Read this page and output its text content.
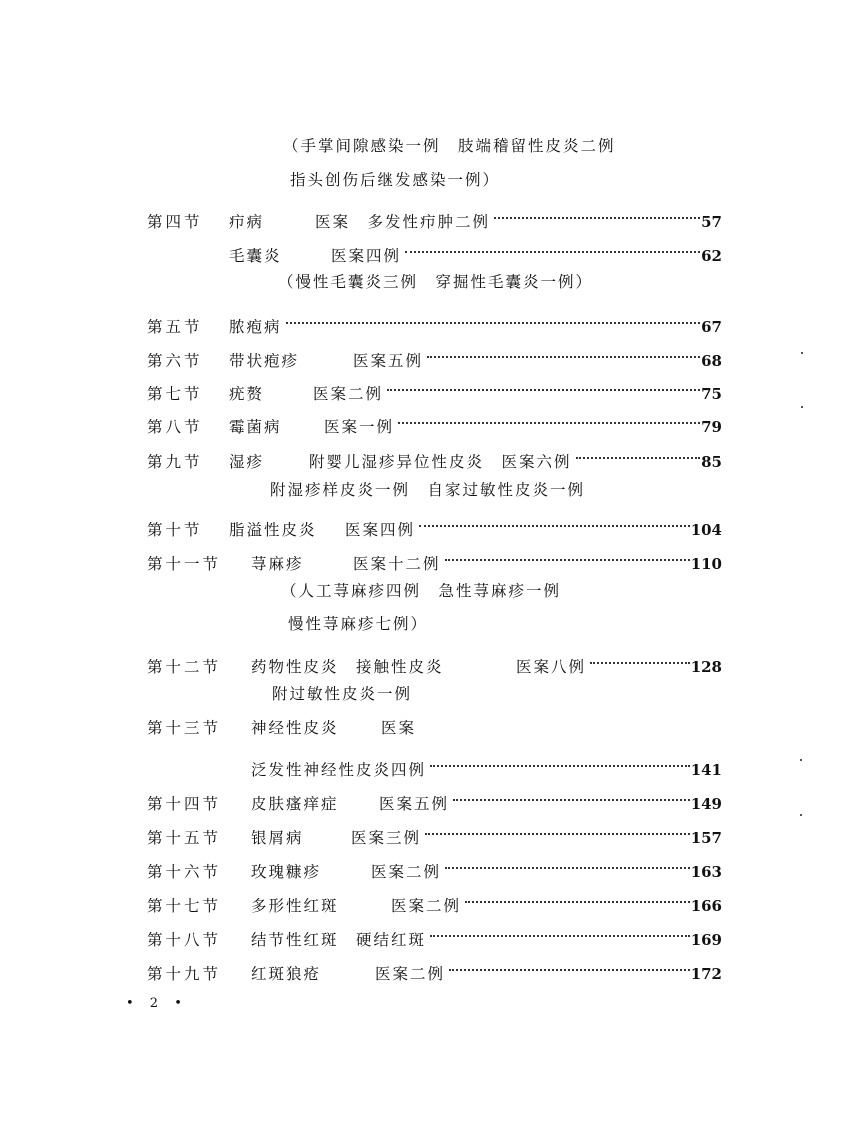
（手掌间隙感染一例　肢端稽留性皮炎二例
指头创伤后继发感染一例）
第四节	疖病	医案　多发性疖肿二例	57
毛囊炎	医案四例	62
（慢性毛囊炎三例　穿掘性毛囊炎一例）
第五节	脓疱病	67
第六节	带状疱疹	医案五例	68
第七节	疣赘	医案二例	75
第八节	霉菌病	医案一例	79
第九节	湿疹	附婴儿湿疹异位性皮炎　医案六例	85
附湿疹样皮炎一例　自家过敏性皮炎一例
第十节	脂溢性皮炎	医案四例	104
第十一节	荨麻疹	医案十二例	110
（人工荨麻疹四例　急性荨麻疹一例
慢性荨麻疹七例）
第十二节	药物性皮炎　接触性皮炎	医案八例	128
附过敏性皮炎一例
第十三节	神经性皮炎	医案
泛发性神经性皮炎四例	141
第十四节	皮肤瘙痒症	医案五例	149
第十五节	银屑病	医案三例	157
第十六节	玫瑰糠疹	医案二例	163
第十七节	多形性红斑	医案二例	166
第十八节	结节性红斑　硬结红斑	169
第十九节	红斑狼疮	医案二例	172
• 2 •
